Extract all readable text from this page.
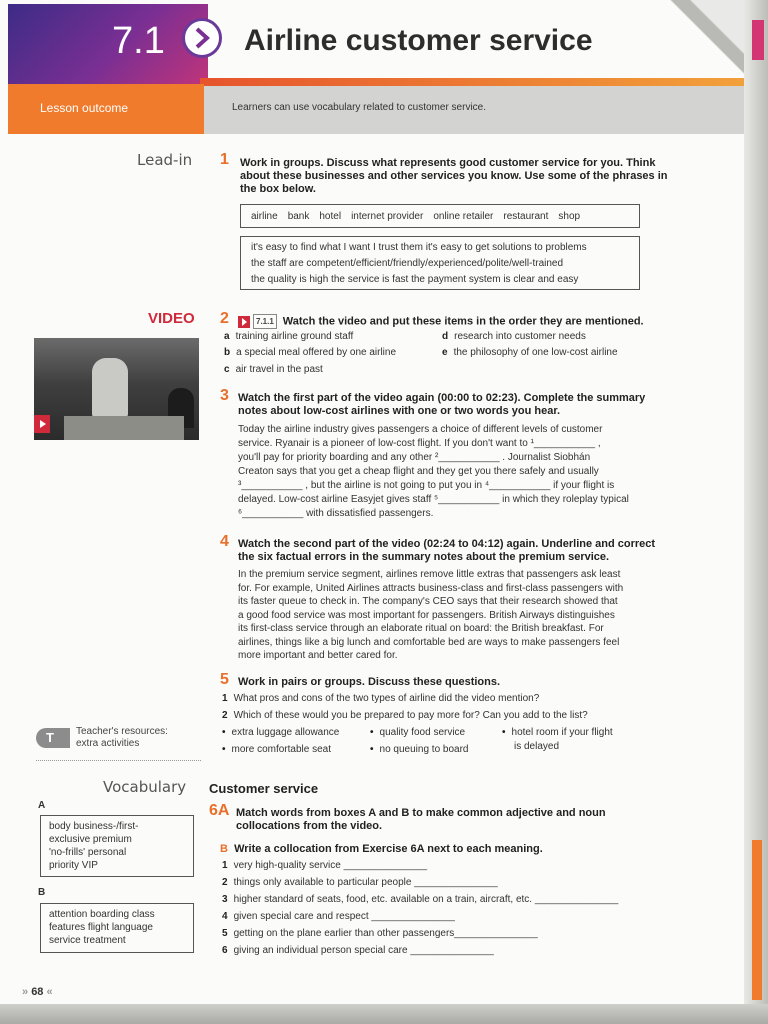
7.1	Airline customer service
Lesson outcome	Learners can use vocabulary related to customer service.
Lead-in 1 Work in groups. Discuss what represents good customer service for you. Think
about these businesses and other services you know. Use some of the phrases in
the box below.
airline bank hotel internet provider online retailer restaurant shop
it's easy to find what I want I trust them it's easy to get solutions to problems
the staff are competent/efficient/friendly/experienced/polite/well-trained
the quality is high the service is fast the payment system is clear and easy
VIDEO 2	7.1.1 Watch the video and put these items in the order they are mentioned.
a training airline ground staff
b a special meal offered by one airline
c air travel in the past
d research into customer needs
e the philosophy of one low-cost airline
3 Watch the first part of the video again (00:00 to 02:23). Complete the summary
notes about low-cost airlines with one or two words you hear.
Today the airline industry gives passengers a choice of different levels of customer
service. Ryanair is a pioneer of low-cost flight. If you don't want to ¹___________ ,
you'll pay for priority boarding and any other ²___________ . Journalist Siobhán
Creaton says that you get a cheap flight and they get you there safely and usually
³___________ , but the airline is not going to put you in ⁴___________ if your flight is
delayed. Low-cost airline Easyjet gives staff ⁵___________ in which they roleplay typical
⁶___________ with dissatisfied passengers.
4 Watch the second part of the video (02:24 to 04:12) again. Underline and correct
the six factual errors in the summary notes about the premium service.
In the premium service segment, airlines remove little extras that passengers ask least
for. For example, United Airlines attracts business-class and first-class passengers with
its faster queue to check in. The company's CEO says that their research showed that
a good food service was most important for passengers. British Airways distinguishes
its first-class service through an elaborate ritual on board: the British breakfast. For
airlines, things like a big lunch and comfortable bed are ways to make passengers feel
more important and better cared for.
5 Work in pairs or groups. Discuss these questions.
1 What pros and cons of the two types of airline did the video mention?
2 Which of these would you be prepared to pay more for? Can you add to the list?
• extra luggage allowance	• quality food service	• hotel room if your flight
is delayed
• more comfortable seat	• no queuing to board
T Teacher's resources:
extra activities
Vocabulary Customer service
A
body business-/first-
exclusive premium
'no-frills' personal
priority VIP
B
attention boarding class
features flight language
service treatment
6A Match words from boxes A and B to make common adjective and noun
collocations from the video.
B Write a collocation from Exercise 6A next to each meaning.
1 very high-quality service _______________
2 things only available to particular people _______________
3 higher standard of seats, food, etc. available on a train, aircraft, etc. _______________
4 given special care and respect _______________
5 getting on the plane earlier than other passengers_______________
6 giving an individual person special care _______________
» 68 «
